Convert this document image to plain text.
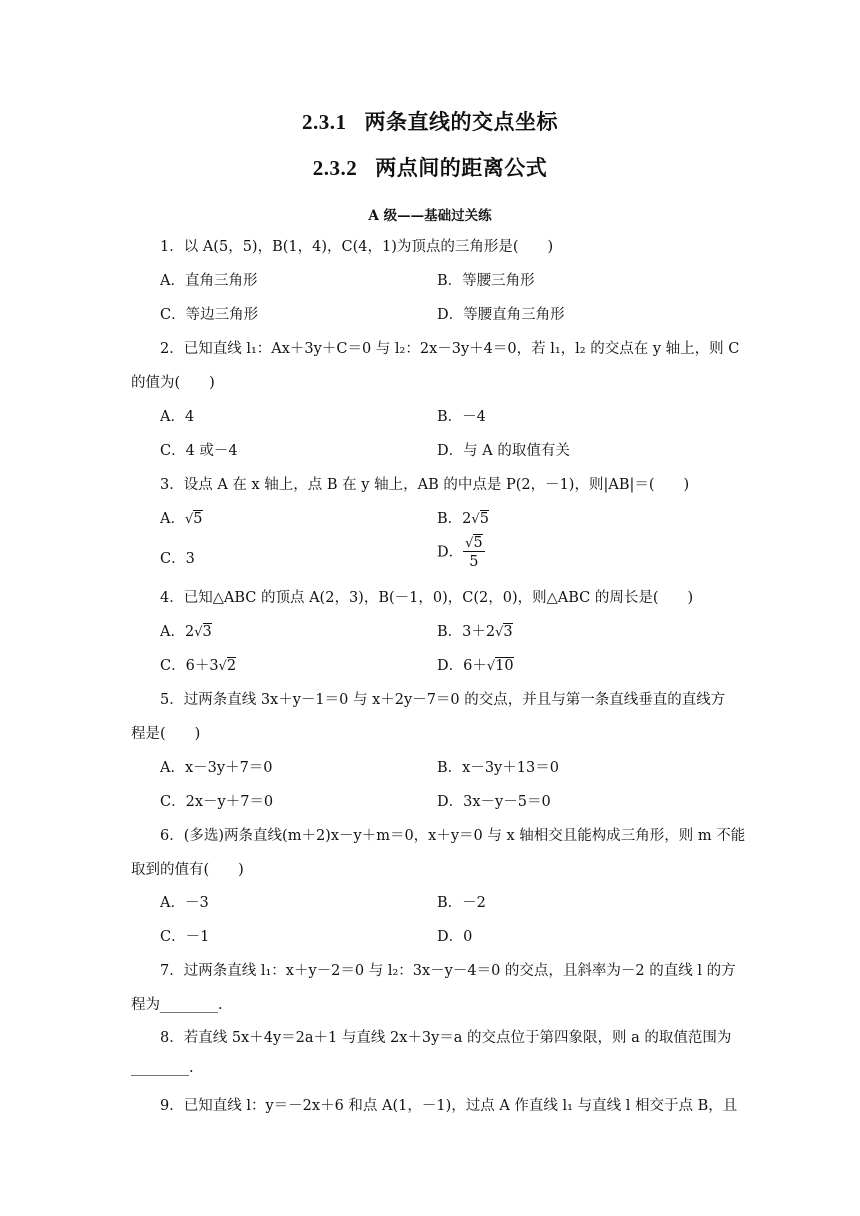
2.3.1 两条直线的交点坐标
2.3.2 两点间的距离公式
A 级——基础过关练
1．以 A(5，5)，B(1，4)，C(4，1)为顶点的三角形是(　　)
A．直角三角形	B．等腰三角形
C．等边三角形	D．等腰直角三角形
2．已知直线 l₁：Ax＋3y＋C＝0 与 l₂：2x－3y＋4＝0，若 l₁，l₂ 的交点在 y 轴上，则 C
的值为(　　)
A．4	B．－4
C．4 或－4	D．与 A 的取值有关
3．设点 A 在 x 轴上，点 B 在 y 轴上，AB 的中点是 P(2，－1)，则|AB|＝(　　)
A．√5	B．2√5
C．3	D． $\frac{√5}{5}$
4．已知△ABC 的顶点 A(2，3)，B(－1，0)，C(2，0)，则△ABC 的周长是(　　)
A．2√3	B．3＋2√3
C．6＋3√2	D．6＋√10
5．过两条直线 3x＋y－1＝0 与 x＋2y－7＝0 的交点，并且与第一条直线垂直的直线方
程是(　　)
A．x－3y＋7＝0	B．x－3y＋13＝0
C．2x－y＋7＝0	D．3x－y－5＝0
6．(多选)两条直线(m＋2)x－y＋m＝0，x＋y＝0 与 x 轴相交且能构成三角形，则 m 不能
取到的值有(　　)
A．－3	B．－2
C．－1	D．0
7．过两条直线 l₁：x＋y－2＝0 与 l₂：3x－y－4＝0 的交点，且斜率为－2 的直线 l 的方
程为________.
8．若直线 5x＋4y＝2a＋1 与直线 2x＋3y＝a 的交点位于第四象限，则 a 的取值范围为
________.
9．已知直线 l：y＝－2x＋6 和点 A(1，－1)，过点 A 作直线 l₁ 与直线 l 相交于点 B，且
